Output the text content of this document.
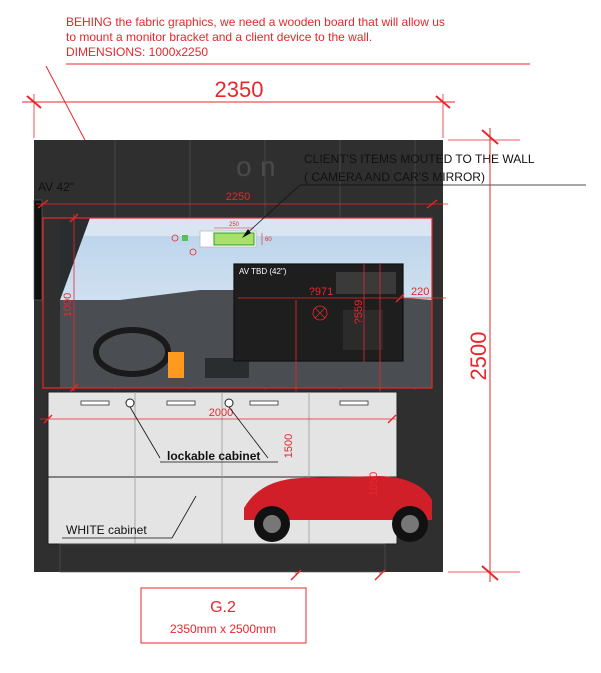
BEHING the fabric graphics, we need a wooden board that will allow us
to mount a monitor bracket and a client device to the wall.
DIMENSIONS: 1000x2250
2350
o n
AV 42"
2250
1000
250
60
CLIENT'S ITEMS MOUTED TO THE WALL
( CAMERA AND CAR'S MIRROR)
AV TBD (42")
?971
?559
220
2000
1500
1050
lockable cabinet
WHITE cabinet
2500
G.2
2350mm x 2500mm
